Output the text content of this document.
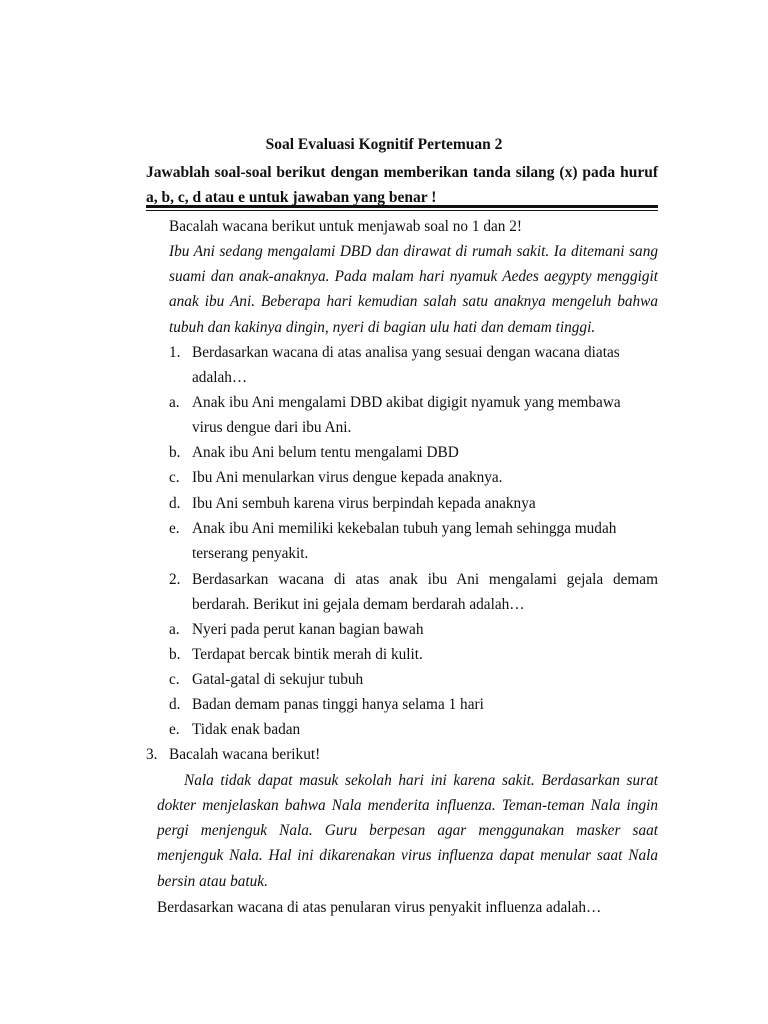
Soal Evaluasi Kognitif Pertemuan 2
Jawablah soal-soal berikut dengan memberikan tanda silang (x) pada huruf
a, b, c, d atau e untuk jawaban yang benar !
Bacalah wacana berikut untuk menjawab soal no 1 dan 2!
Ibu Ani sedang mengalami DBD dan dirawat di rumah sakit. Ia ditemani sang
suami dan anak-anaknya. Pada malam hari nyamuk Aedes aegypty menggigit
anak ibu Ani. Beberapa hari kemudian salah satu anaknya mengeluh bahwa
tubuh dan kakinya dingin, nyeri di bagian ulu hati dan demam tinggi.
1. Berdasarkan wacana di atas analisa yang sesuai dengan wacana diatas
adalah…
a. Anak ibu Ani mengalami DBD akibat digigit nyamuk yang membawa
virus dengue dari ibu Ani.
b. Anak ibu Ani belum tentu mengalami DBD
c. Ibu Ani menularkan virus dengue kepada anaknya.
d. Ibu Ani sembuh karena virus berpindah kepada anaknya
e. Anak ibu Ani memiliki kekebalan tubuh yang lemah sehingga mudah
terserang penyakit.
2. Berdasarkan wacana di atas anak ibu Ani mengalami gejala demam
berdarah. Berikut ini gejala demam berdarah adalah…
a. Nyeri pada perut kanan bagian bawah
b. Terdapat bercak bintik merah di kulit.
c. Gatal-gatal di sekujur tubuh
d. Badan demam panas tinggi hanya selama 1 hari
e. Tidak enak badan
3. Bacalah wacana berikut!
Nala tidak dapat masuk sekolah hari ini karena sakit. Berdasarkan surat
dokter menjelaskan bahwa Nala menderita influenza. Teman-teman Nala ingin
pergi menjenguk Nala. Guru berpesan agar menggunakan masker saat
menjenguk Nala. Hal ini dikarenakan virus influenza dapat menular saat Nala
bersin atau batuk.
Berdasarkan wacana di atas penularan virus penyakit influenza adalah…
